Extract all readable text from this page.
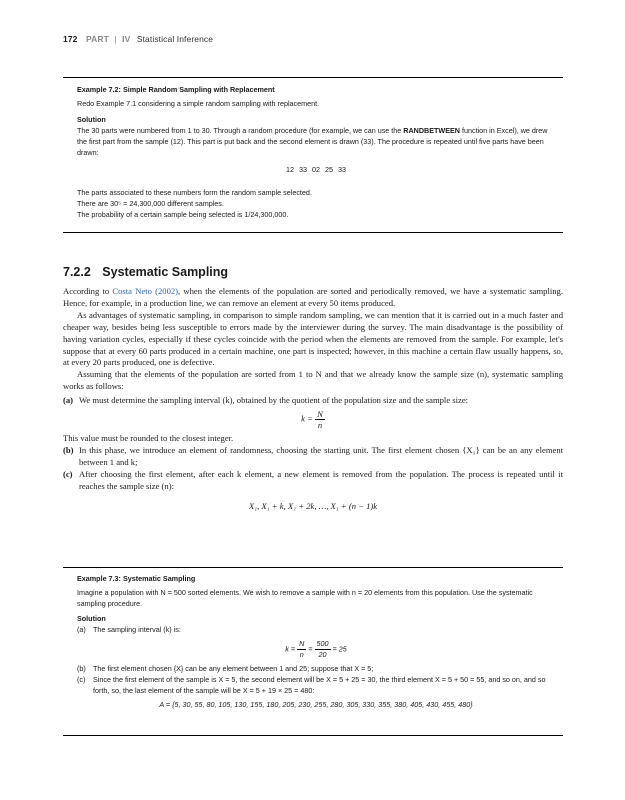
172 PART | IV Statistical Inference

Example 7.2: Simple Random Sampling with Replacement

Redo Example 7.1 considering a simple random sampling with replacement.

Solution

The 30 parts were numbered from 1 to 30. Through a random procedure (for example, we can use the RANDBETWEEN function in Excel), we drew the first part from the sample (12). This part is put back and the second element is drawn (33). The procedure is repeated until five parts have been drawn:

12 33 02 25 33

The parts associated to these numbers form the random sample selected.

There are 30⁵ = 24,300,000 different samples.

The probability of a certain sample being selected is 1/24,300,000.

7.2.2 Systematic Sampling

According to Costa Neto (2002), when the elements of the population are sorted and periodically removed, we have a systematic sampling. Hence, for example, in a production line, we can remove an element at every 50 items produced.

As advantages of systematic sampling, in comparison to simple random sampling, we can mention that it is carried out in a much faster and cheaper way, besides being less susceptible to errors made by the interviewer during the survey. The main disadvantage is the possibility of having variation cycles, especially if these cycles coincide with the period when the elements are removed from the sample. For example, let's suppose that at every 60 parts produced in a certain machine, one part is inspected; however, in this machine a certain flaw usually happens, so, at every 20 parts produced, one is defective.

Assuming that the elements of the population are sorted from 1 to N and that we already know the sample size (n), systematic sampling works as follows:

(a) We must determine the sampling interval (k), obtained by the quotient of the population size and the sample size:
$k = \frac{N}{n}$

This value must be rounded to the closest integer.

(b) In this phase, we introduce an element of randomness, choosing the starting unit. The first element chosen {X₁} can be an any element between 1 and k;
(c) After choosing the first element, after each k element, a new element is removed from the population. The process is repeated until it reaches the sample size (n):

X₁, X₁ + k, X₁ + 2k, …, X₁ + (n − 1)k

Example 7.3: Systematic Sampling

Imagine a population with N = 500 sorted elements. We wish to remove a sample with n = 20 elements from this population. Use the systematic sampling procedure.

Solution

(a) The sampling interval (k) is:
$k = \frac{N}{n} = \frac{500}{20} = 25$
(b) The first element chosen {X} can be any element between 1 and 25; suppose that X = 5;
(c) Since the first element of the sample is X = 5, the second element will be X = 5 + 25 = 30, the third element X = 5 + 50 = 55, and so on, and so forth, so, the last element of the sample will be X = 5 + 19 × 25 = 480:

A = {5, 30, 55, 80, 105, 130, 155, 180, 205, 230, 255, 280, 305, 330, 355, 380, 405, 430, 455, 480}
